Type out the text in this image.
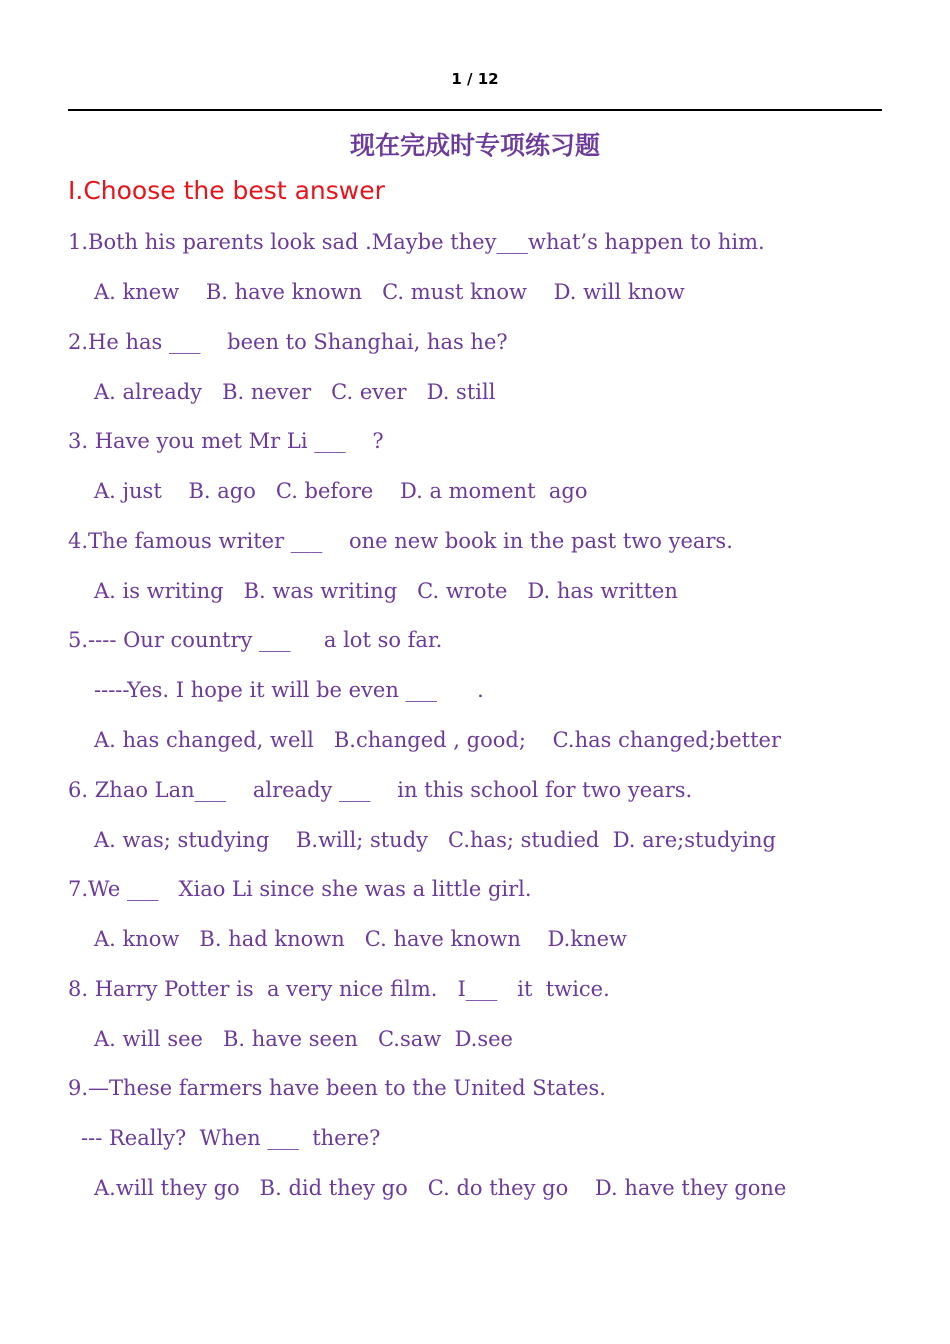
1 / 12
现在完成时专项练习题
Ⅰ.Choose the best answer
1.Both his parents look sad .Maybe they___what’s happen to him.
A. knew    B. have known   C. must know    D. will know
2.He has ___    been to Shanghai, has he?
A. already   B. never   C. ever   D. still
3. Have you met Mr Li ___    ?
A. just    B. ago   C. before    D. a moment  ago
4.The famous writer ___    one new book in the past two years.
A. is writing   B. was writing   C. wrote   D. has written
5.---- Our country ___     a lot so far.
-----Yes. I hope it will be even ___      .
A. has changed, well   B.changed , good;    C.has changed;better
6. Zhao Lan___    already ___    in this school for two years.
A. was; studying    B.will; study   C.has; studied  D. are;studying
7.We ___   Xiao Li since she was a little girl.
A. know   B. had known   C. have known    D.knew
8. Harry Potter is  a very nice film.   I___   it  twice.
A. will see   B. have seen   C.saw  D.see
9.—These farmers have been to the United States.
--- Really?  When ___  there?
A.will they go   B. did they go   C. do they go    D. have they gone
